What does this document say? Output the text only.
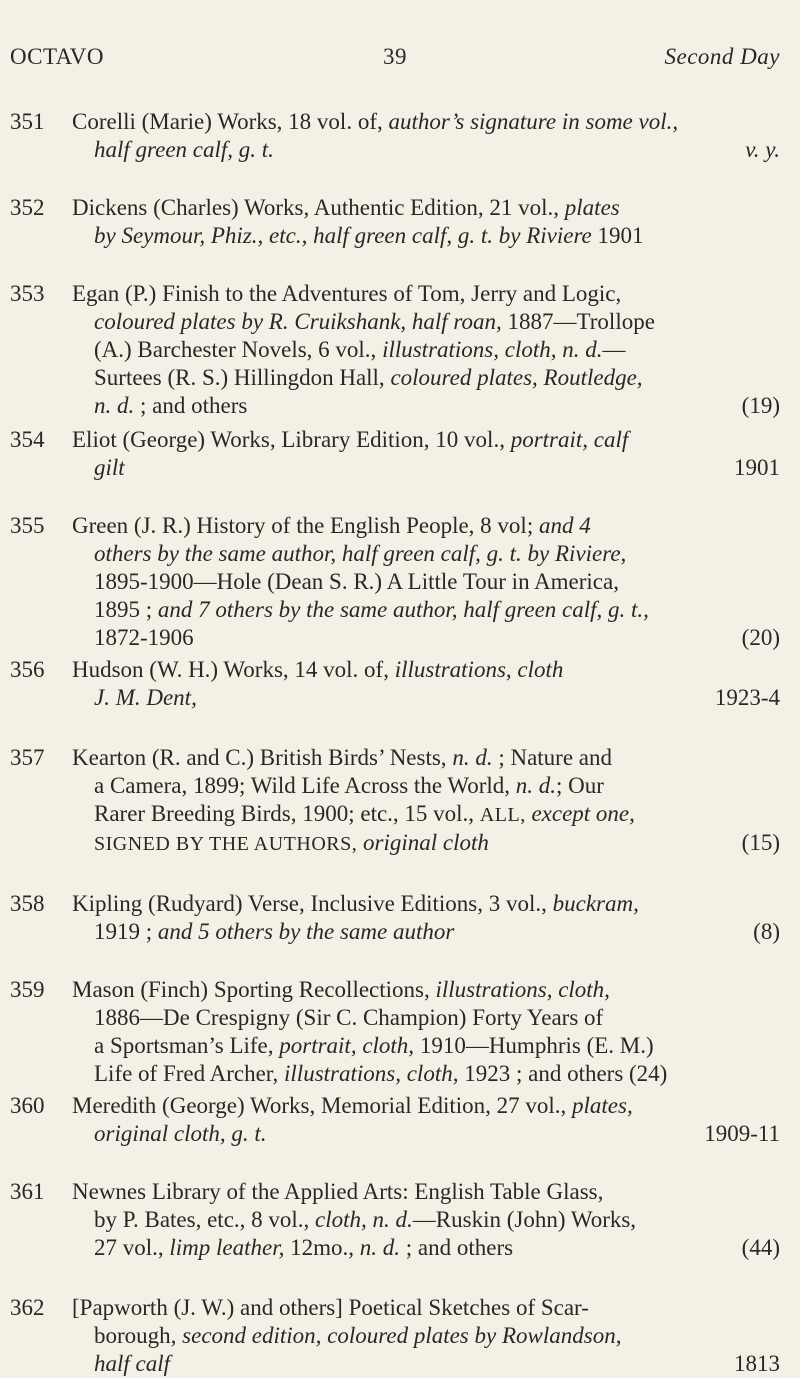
OCTAVO	39	Second Day
351	Corelli (Marie) Works, 18 vol. of, author’s signature in some vol.,
half green calf, g. t.	v. y.
352	Dickens (Charles) Works, Authentic Edition, 21 vol., plates
by Seymour, Phiz., etc., half green calf, g. t. by Riviere 1901
353	Egan (P.) Finish to the Adventures of Tom, Jerry and Logic,
coloured plates by R. Cruikshank, half roan, 1887—Trollope
(A.) Barchester Novels, 6 vol., illustrations, cloth, n. d.—
Surtees (R. S.) Hillingdon Hall, coloured plates, Routledge,
n. d. ; and others	(19)
354	Eliot (George) Works, Library Edition, 10 vol., portrait, calf
gilt	1901
355	Green (J. R.) History of the English People, 8 vol; and 4
others by the same author, half green calf, g. t. by Riviere,
1895-1900—Hole (Dean S. R.) A Little Tour in America,
1895 ; and 7 others by the same author, half green calf, g. t.,
1872-1906	(20)
356	Hudson (W. H.) Works, 14 vol. of, illustrations, cloth
J. M. Dent,	1923-4
357	Kearton (R. and C.) British Birds’ Nests, n. d. ; Nature and
a Camera, 1899; Wild Life Across the World, n. d.; Our
Rarer Breeding Birds, 1900; etc., 15 vol., ALL, except one,
SIGNED BY THE AUTHORS, original cloth	(15)
358	Kipling (Rudyard) Verse, Inclusive Editions, 3 vol., buckram,
1919 ; and 5 others by the same author	(8)
359	Mason (Finch) Sporting Recollections, illustrations, cloth,
1886—De Crespigny (Sir C. Champion) Forty Years of
a Sportsman’s Life, portrait, cloth, 1910—Humphris (E. M.)
Life of Fred Archer, illustrations, cloth, 1923 ; and others (24)
360	Meredith (George) Works, Memorial Edition, 27 vol., plates,
original cloth, g. t.	1909-11
361	Newnes Library of the Applied Arts: English Table Glass,
by P. Bates, etc., 8 vol., cloth, n. d.—Ruskin (John) Works,
27 vol., limp leather, 12mo., n. d. ; and others	(44)
362	[Papworth (J. W.) and others] Poetical Sketches of Scar-
borough, second edition, coloured plates by Rowlandson,
half calf	1813
